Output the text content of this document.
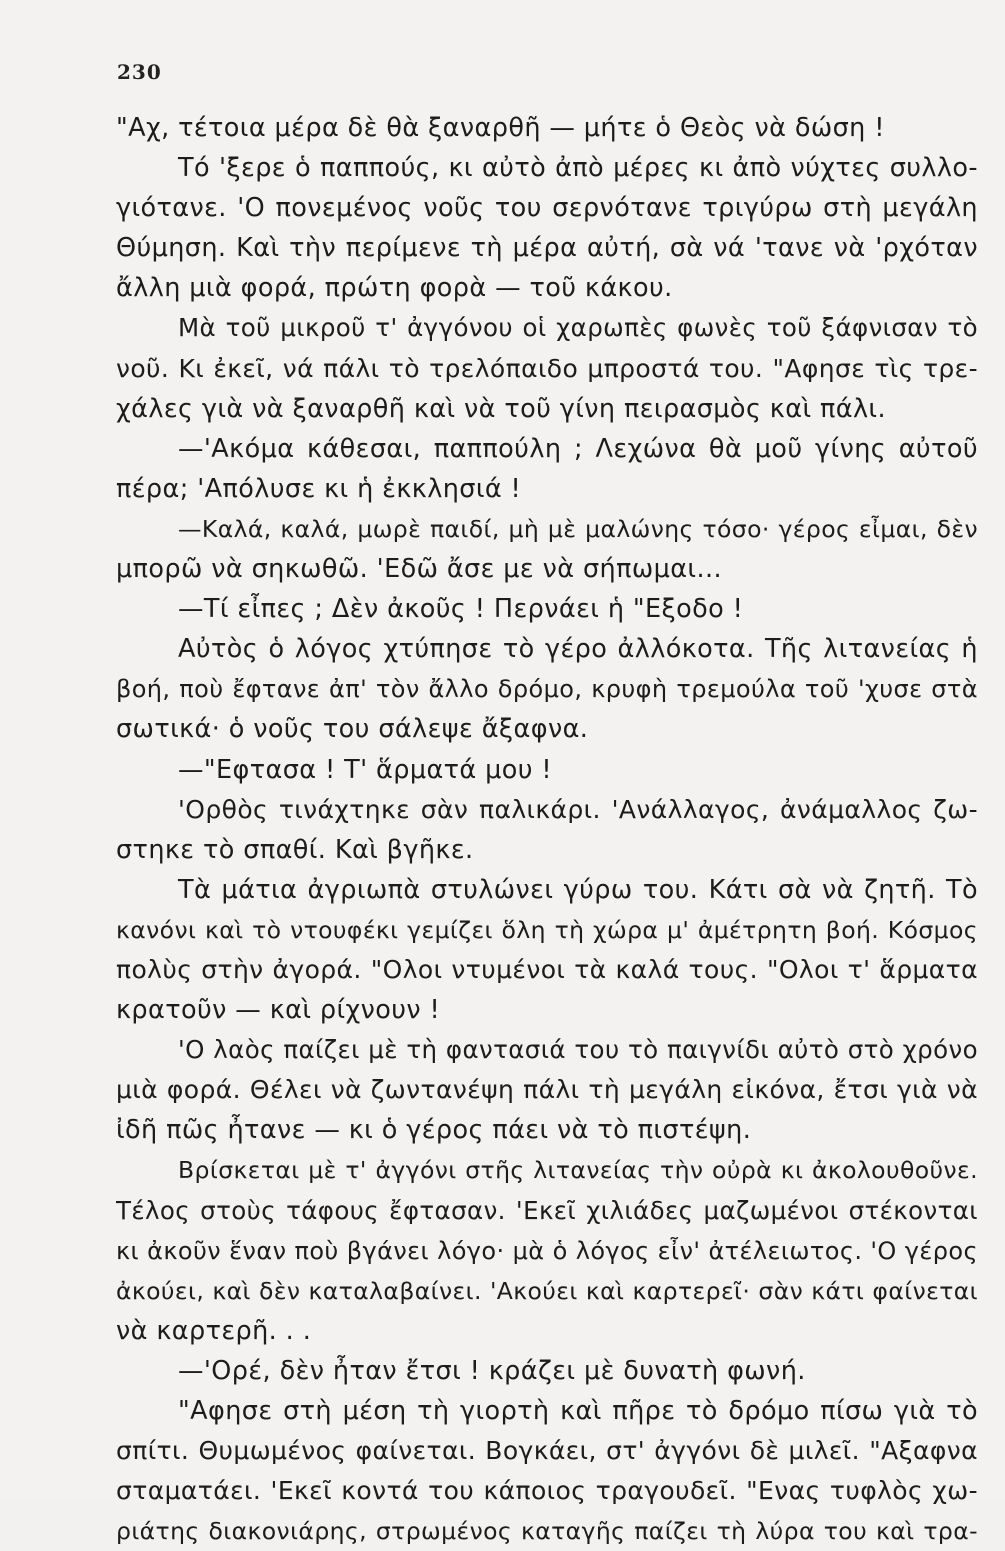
230
"Αχ, τέτοια μέρα δὲ θὰ ξαναρθῆ — μήτε ὁ Θεὸς νὰ δώση !
Τό 'ξερε ὁ παππούς, κι αὐτὸ ἀπὸ μέρες κι ἀπὸ νύχτες συλλο-
γιότανε. 'Ο πονεμένος νοῦς του σερνότανε τριγύρω στὴ μεγάλη
Θύμηση. Καὶ τὴν περίμενε τὴ μέρα αὐτή, σὰ νά 'τανε νὰ 'ρχόταν
ἄλλη μιὰ φορά, πρώτη φορὰ — τοῦ κάκου.
Μὰ τοῦ μικροῦ τ' ἀγγόνου οἱ χαρωπὲς φωνὲς τοῦ ξάφνισαν τὸ
νοῦ. Κι ἐκεῖ, νά πάλι τὸ τρελόπαιδο μπροστά του. "Αφησε τὶς τρε-
χάλες γιὰ νὰ ξαναρθῆ καὶ νὰ τοῦ γίνη πειρασμὸς καὶ πάλι.
—'Ακόμα κάθεσαι, παππούλη ; Λεχώνα θὰ μοῦ γίνης αὐτοῦ
πέρα; 'Απόλυσε κι ἡ ἐκκλησιά !
—Καλά, καλά, μωρὲ παιδί, μὴ μὲ μαλώνης τόσο· γέρος εἶμαι, δὲν
μπορῶ νὰ σηκωθῶ. 'Εδῶ ἄσε με νὰ σήπωμαι...
—Τί εἶπες ; Δὲν ἀκοῦς ! Περνάει ἡ "Εξοδο !
Αὐτὸς ὁ λόγος χτύπησε τὸ γέρο ἀλλόκοτα. Τῆς λιτανείας ἡ
βοή, ποὺ ἔφτανε ἀπ' τὸν ἄλλο δρόμο, κρυφὴ τρεμούλα τοῦ 'χυσε στὰ
σωτικά· ὁ νοῦς του σάλεψε ἄξαφνα.
—"Εφτασα ! Τ' ἅρματά μου !
'Ορθὸς τινάχτηκε σὰν παλικάρι. 'Ανάλλαγος, ἀνάμαλλος ζω-
στηκε τὸ σπαθί. Καὶ βγῆκε.
Τὰ μάτια ἀγριωπὰ στυλώνει γύρω του. Κάτι σὰ νὰ ζητῆ. Τὸ
κανόνι καὶ τὸ ντουφέκι γεμίζει ὅλη τὴ χώρα μ' ἀμέτρητη βοή. Κόσμος
πολὺς στὴν ἀγορά. "Ολοι ντυμένοι τὰ καλά τους. "Ολοι τ' ἅρματα
κρατοῦν — καὶ ρίχνουν !
'Ο λαὸς παίζει μὲ τὴ φαντασιά του τὸ παιγνίδι αὐτὸ στὸ χρόνο
μιὰ φορά. Θέλει νὰ ζωντανέψη πάλι τὴ μεγάλη εἰκόνα, ἔτσι γιὰ νὰ
ἰδῆ πῶς ἦτανε — κι ὁ γέρος πάει νὰ τὸ πιστέψη.
Βρίσκεται μὲ τ' ἀγγόνι στῆς λιτανείας τὴν οὐρὰ κι ἀκολουθοῦνε.
Τέλος στοὺς τάφους ἔφτασαν. 'Εκεῖ χιλιάδες μαζωμένοι στέκονται
κι ἀκοῦν ἕναν ποὺ βγάνει λόγο· μὰ ὁ λόγος εἶν' ἀτέλειωτος. 'Ο γέρος
ἀκούει, καὶ δὲν καταλαβαίνει. 'Ακούει καὶ καρτερεῖ· σὰν κάτι φαίνεται
νὰ καρτερῆ. . .
—'Ορέ, δὲν ἦταν ἔτσι ! κράζει μὲ δυνατὴ φωνή.
"Αφησε στὴ μέση τὴ γιορτὴ καὶ πῆρε τὸ δρόμο πίσω γιὰ τὸ
σπίτι. Θυμωμένος φαίνεται. Βογκάει, στ' ἀγγόνι δὲ μιλεῖ. "Αξαφνα
σταματάει. 'Εκεῖ κοντά του κάποιος τραγουδεῖ. "Ενας τυφλὸς χω-
ριάτης διακονιάρης, στρωμένος καταγῆς παίζει τὴ λύρα του καὶ τρα-
